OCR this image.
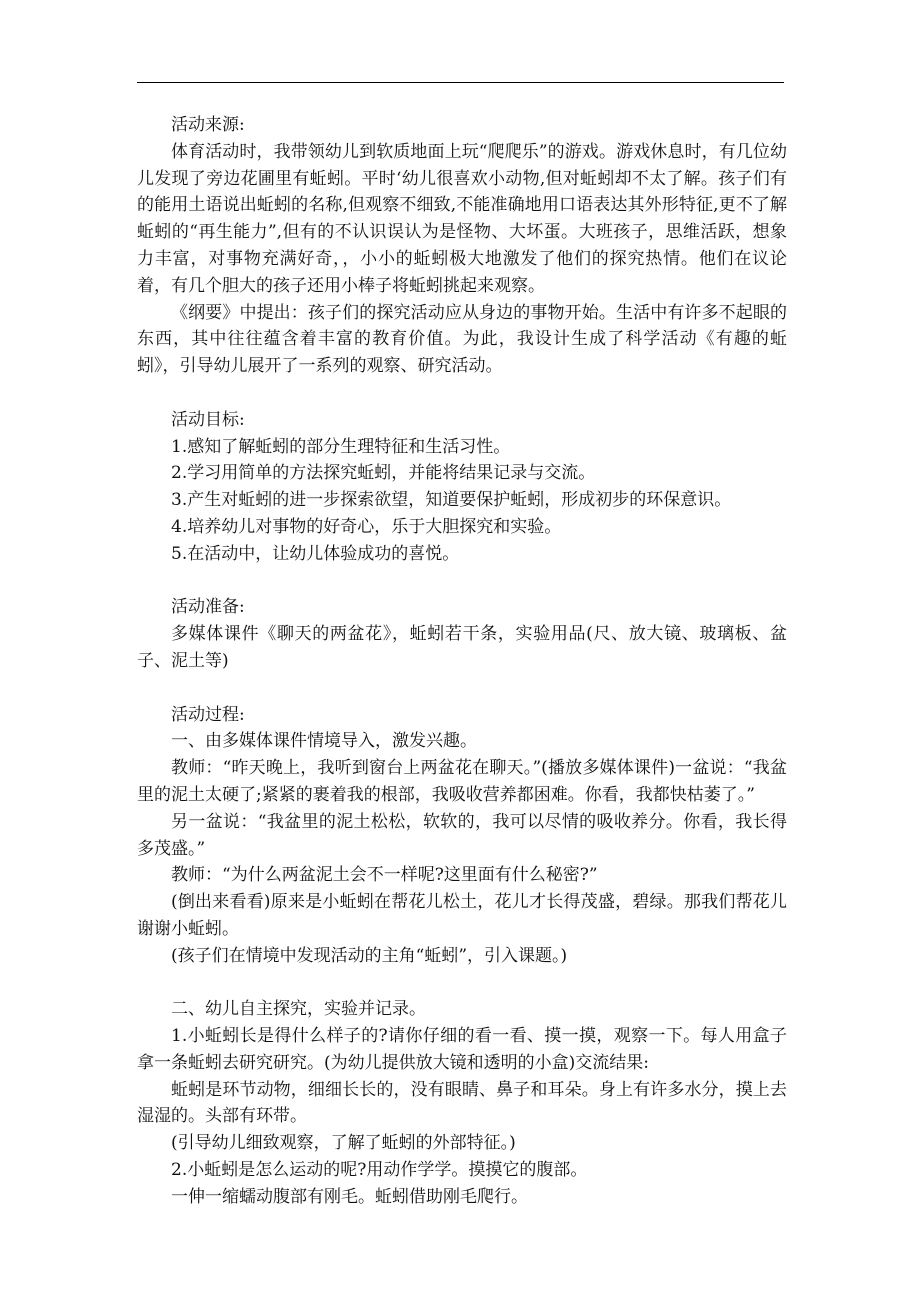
活动来源:

体育活动时，我带领幼儿到软质地面上玩“爬爬乐”的游戏。游戏休息时，有几位幼儿发现了旁边花圃里有蚯蚓。平时‘幼儿很喜欢小动物,但对蚯蚓却不太了解。孩子们有的能用土语说出蚯蚓的名称,但观察不细致,不能准确地用口语表达其外形特征,更不了解蚯蚓的“再生能力”,但有的不认识误认为是怪物、大坏蛋。大班孩子，思维活跃，想象力丰富，对事物充满好奇，，小小的蚯蚓极大地激发了他们的探究热情。他们在议论着，有几个胆大的孩子还用小棒子将蚯蚓挑起来观察。

《纲要》中提出：孩子们的探究活动应从身边的事物开始。生活中有许多不起眼的东西，其中往往蕴含着丰富的教育价值。为此，我设计生成了科学活动《有趣的蚯蚓》，引导幼儿展开了一系列的观察、研究活动。

活动目标:

1.感知了解蚯蚓的部分生理特征和生活习性。

2.学习用简单的方法探究蚯蚓，并能将结果记录与交流。

3.产生对蚯蚓的进一步探索欲望，知道要保护蚯蚓，形成初步的环保意识。

4.培养幼儿对事物的好奇心，乐于大胆探究和实验。

5.在活动中，让幼儿体验成功的喜悦。

活动准备:

多媒体课件《聊天的两盆花》，蚯蚓若干条，实验用品(尺、放大镜、玻璃板、盆子、泥土等)

活动过程:

一、由多媒体课件情境导入，激发兴趣。

教师：“昨天晚上，我听到窗台上两盆花在聊天。”(播放多媒体课件)一盆说：“我盆里的泥土太硬了;紧紧的裹着我的根部，我吸收营养都困难。你看，我都快枯萎了。”

另一盆说：“我盆里的泥土松松，软软的，我可以尽情的吸收养分。你看，我长得多茂盛。”

教师：“为什么两盆泥土会不一样呢?这里面有什么秘密?”

(倒出来看看)原来是小蚯蚓在帮花儿松土，花儿才长得茂盛，碧绿。那我们帮花儿谢谢小蚯蚓。

(孩子们在情境中发现活动的主角“蚯蚓”，引入课题。)

二、幼儿自主探究，实验并记录。

1.小蚯蚓长是得什么样子的?请你仔细的看一看、摸一摸，观察一下。每人用盒子拿一条蚯蚓去研究研究。(为幼儿提供放大镜和透明的小盒)交流结果:

蚯蚓是环节动物，细细长长的，没有眼睛、鼻子和耳朵。身上有许多水分，摸上去湿湿的。头部有环带。

(引导幼儿细致观察，了解了蚯蚓的外部特征。)

2.小蚯蚓是怎么运动的呢?用动作学学。摸摸它的腹部。

一伸一缩蠕动腹部有刚毛。蚯蚓借助刚毛爬行。
